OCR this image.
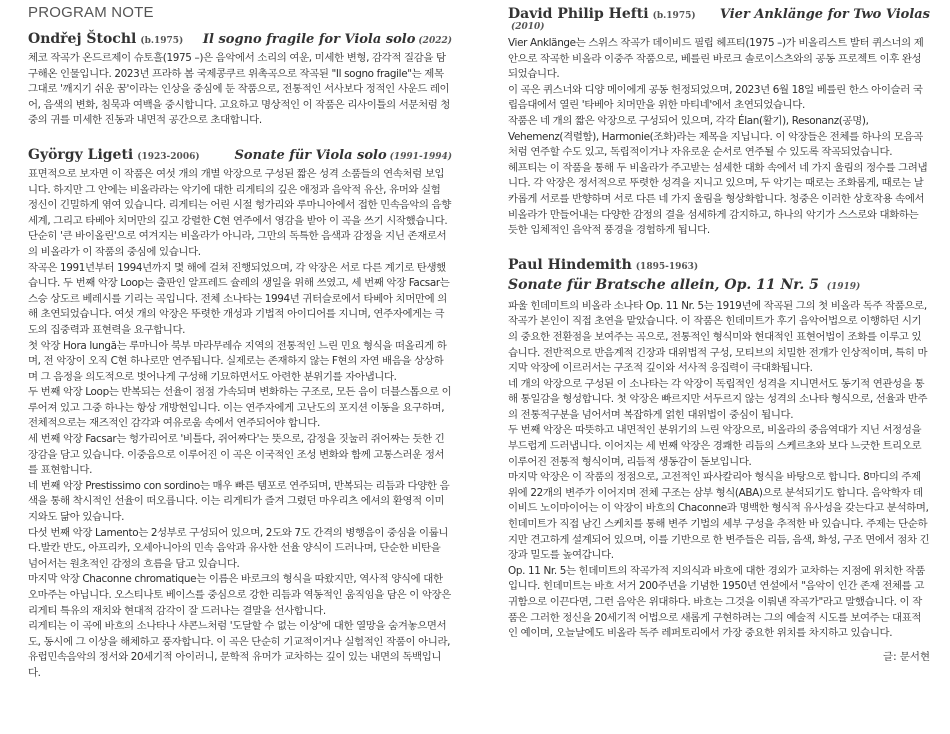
PROGRAM NOTE
Ondřej Štochl (b.1975) Il sogno fragile for Viola solo (2022)

체코 작곡가 온드르제이 슈토흘(1975 –)은 음악에서 소리의 여운, 미세한 변형, 감각적 질감을 탐구해온 인물입니다. 2023년 프라하 봄 국제콩쿠르 위촉곡으로 작곡된 "Il sogno fragile"는 제목 그대로 '깨지기 쉬운 꿈'이라는 인상을 중심에 둔 작품으로, 전통적인 서사보다 정적인 사운드 레이어, 음색의 변화, 침묵과 여백을 중시합니다. 고요하고 명상적인 이 작품은 리사이틀의 서문처럼 청중의 귀를 미세한 진동과 내면적 공간으로 초대합니다.

György Ligeti (1923-2006)	Sonate für Viola solo (1991-1994)

표면적으로 보자면 이 작품은 여섯 개의 개별 악장으로 구성된 짧은 성격 소품들의 연속처럼 보입니다. 하지만 그 안에는 비올라라는 악기에 대한 리게티의 깊은 애정과 음악적 유산, 유머와 실험 정신이 긴밀하게 엮여 있습니다. 리게티는 어린 시절 헝가리와 루마니아에서 접한 민속음악의 음향 세계, 그리고 타베아 치머만의 깊고 강렬한 C현 연주에서 영감을 받아 이 곡을 쓰기 시작했습니다. 단순히 '큰 바이올린'으로 여겨지는 비올라가 아니라, 그만의 독특한 음색과 감정을 지닌 존재로서의 비올라가 이 작품의 중심에 있습니다.

작곡은 1991년부터 1994년까지 몇 해에 걸쳐 진행되었으며, 각 악장은 서로 다른 계기로 탄생했습니다. 두 번째 악장 Loop는 출판인 알프레드 슐레의 생일을 위해 쓰였고, 세 번째 악장 Facsar는 스승 상도르 베레시를 기리는 곡입니다. 전체 소나타는 1994년 귀터슬로에서 타베아 치머만에 의해 초연되었습니다. 여섯 개의 악장은 뚜렷한 개성과 기법적 아이디어를 지니며, 연주자에게는 극도의 집중력과 표현력을 요구합니다.

첫 악장 Hora lungă는 루마니아 북부 마라무레슈 지역의 전통적인 느린 민요 형식을 떠올리게 하며, 전 악장이 오직 C현 하나로만 연주됩니다. 실제로는 존재하지 않는 F현의 자연 배음을 상상하며 그 음정을 의도적으로 벗어나게 구성해 기묘하면서도 아련한 분위기를 자아냅니다.

두 번째 악장 Loop는 반복되는 선율이 점점 가속되며 변화하는 구조로, 모든 음이 더블스톱으로 이루어져 있고 그중 하나는 항상 개방현입니다. 이는 연주자에게 고난도의 포지션 이동을 요구하며, 전체적으로는 재즈적인 감각과 여유로움 속에서 연주되어야 합니다.

세 번째 악장 Facsar는 헝가리어로 '비틀다, 쥐어짜다'는 뜻으로, 감정을 짓눌러 쥐어짜는 듯한 긴장감을 담고 있습니다. 이중음으로 이루어진 이 곡은 이국적인 조성 변화와 함께 고통스러운 정서를 표현합니다.

네 번째 악장 Prestissimo con sordino는 매우 빠른 템포로 연주되며, 반복되는 리듬과 다양한 음색을 통해 착시적인 선율이 떠오릅니다. 이는 리게티가 즐겨 그렸던 마우리츠 에셔의 환영적 이미지와도 닮아 있습니다.

다섯 번째 악장 Lamento는 2성부로 구성되어 있으며, 2도와 7도 간격의 병행음이 중심을 이룹니다.발칸 반도, 아프리카, 오세아니아의 민속 음악과 유사한 선율 양식이 드러나며, 단순한 비탄을 넘어서는 원초적인 감정의 흐름을 담고 있습니다.

마지막 악장 Chaconne chromatique는 이름은 바로크의 형식을 따왔지만, 역사적 양식에 대한 오마주는 아닙니다. 오스티나토 베이스를 중심으로 강한 리듬과 역동적인 움직임을 담은 이 악장은 리게티 특유의 재치와 현대적 감각이 잘 드러나는 결말을 선사합니다.

리게티는 이 곡에 바흐의 소나타나 샤콘느처럼 '도달할 수 없는 이상'에 대한 열망을 숨겨놓으면서도, 동시에 그 이상을 해체하고 풍자합니다. 이 곡은 단순히 기교적이거나 실험적인 작품이 아니라, 유럽민속음악의 정서와 20세기적 아이러니, 문학적 유머가 교차하는 깊이 있는 내면의 독백입니다.

David Philip Hefti (b.1975) Vier Anklänge for Two Violas
(2010)

Vier Anklänge는 스위스 작곡가 데이비드 필립 헤프티(1975 –)가 비올리스트 발터 퀴스너의 제안으로 작곡한 비올라 이중주 작품으로, 베를린 바로크 솔로이스츠와의 공동 프로젝트 이후 완성되었습니다.

이 곡은 퀴스너와 디양 메이에게 공동 헌정되었으며, 2023년 6월 18일 베를린 한스 아이슬러 국립음대에서 열린 '타베아 치머만을 위한 마티네'에서 초연되었습니다.

작품은 네 개의 짧은 악장으로 구성되어 있으며, 각각 Élan(활기), Resonanz(공명), Vehemenz(격렬함), Harmonie(조화)라는 제목을 지닙니다. 이 악장들은 전체를 하나의 모음곡처럼 연주할 수도 있고, 독립적이거나 자유로운 순서로 연주될 수 있도록 작곡되었습니다.

헤프티는 이 작품을 통해 두 비올라가 주고받는 섬세한 대화 속에서 네 가지 울림의 정수를 그려냅니다. 각 악장은 정서적으로 뚜렷한 성격을 지니고 있으며, 두 악기는 때로는 조화롭게, 때로는 날카롭게 서로를 반향하며 서로 다른 네 가지 울림을 형상화합니다. 청중은 이러한 상호작용 속에서 비올라가 만들어내는 다양한 감정의 결을 섬세하게 감지하고, 하나의 악기가 스스로와 대화하는 듯한 입체적인 음악적 풍경을 경험하게 됩니다.

Paul Hindemith (1895-1963)
Sonate für Bratsche allein, Op. 11 Nr. 5 (1919)

파울 힌데미트의 비올라 소나타 Op. 11 Nr. 5는 1919년에 작곡된 그의 첫 비올라 독주 작품으로, 작곡가 본인이 직접 초연을 맡았습니다. 이 작품은 힌데미트가 후기 음악어법으로 이행하던 시기의 중요한 전환점을 보여주는 곡으로, 전통적인 형식미와 현대적인 표현어법이 조화를 이루고 있습니다. 전반적으로 반음계적 긴장과 대위법적 구성, 모티브의 치밀한 전개가 인상적이며, 특히 마지막 악장에 이르러서는 구조적 깊이와 서사적 응집력이 극대화됩니다.

네 개의 악장으로 구성된 이 소나타는 각 악장이 독립적인 성격을 지니면서도 동기적 연관성을 통해 통일감을 형성합니다. 첫 악장은 빠르지만 서두르지 않는 성격의 소나타 형식으로, 선율과 반주의 전통적구분을 넘어서며 복잡하게 얽힌 대위법이 중심이 됩니다.

두 번째 악장은 따뜻하고 내면적인 분위기의 느린 악장으로, 비올라의 중음역대가 지닌 서정성을 부드럽게 드러냅니다. 이어지는 세 번째 악장은 경쾌한 리듬의 스케르초와 보다 느긋한 트리오로 이루어진 전통적 형식이며, 리듬적 생동감이 돋보입니다.

마지막 악장은 이 작품의 정점으로, 고전적인 파사칼리아 형식을 바탕으로 합니다. 8마디의 주제 위에 22개의 변주가 이어지며 전체 구조는 삼부 형식(ABA)으로 분석되기도 합니다. 음악학자 데이비드 노이마이어는 이 악장이 바흐의 Chaconne과 명백한 형식적 유사성을 갖는다고 분석하며, 힌데미트가 직접 남긴 스케치를 통해 변주 기법의 세부 구성을 추적한 바 있습니다. 주제는 단순하지만 견고하게 설계되어 있으며, 이를 기반으로 한 변주들은 리듬, 음색, 화성, 구조 면에서 점차 긴장과 밀도를 높여갑니다.

Op. 11 Nr. 5는 힌데미트의 작곡가적 지의식과 바흐에 대한 경외가 교차하는 지점에 위치한 작품입니다. 힌데미트는 바흐 서거 200주년을 기념한 1950년 연설에서 "음악이 인간 존재 전체를 고귀함으로 이끈다면, 그런 음악은 위대하다. 바흐는 그것을 이뤄낸 작곡가"라고 말했습니다. 이 작품은 그러한 정신을 20세기적 어법으로 새롭게 구현하려는 그의 예술적 시도를 보여주는 대표적인 예이며, 오늘날에도 비올라 독주 레퍼토리에서 가장 중요한 위치를 차지하고 있습니다.

글: 문서현
